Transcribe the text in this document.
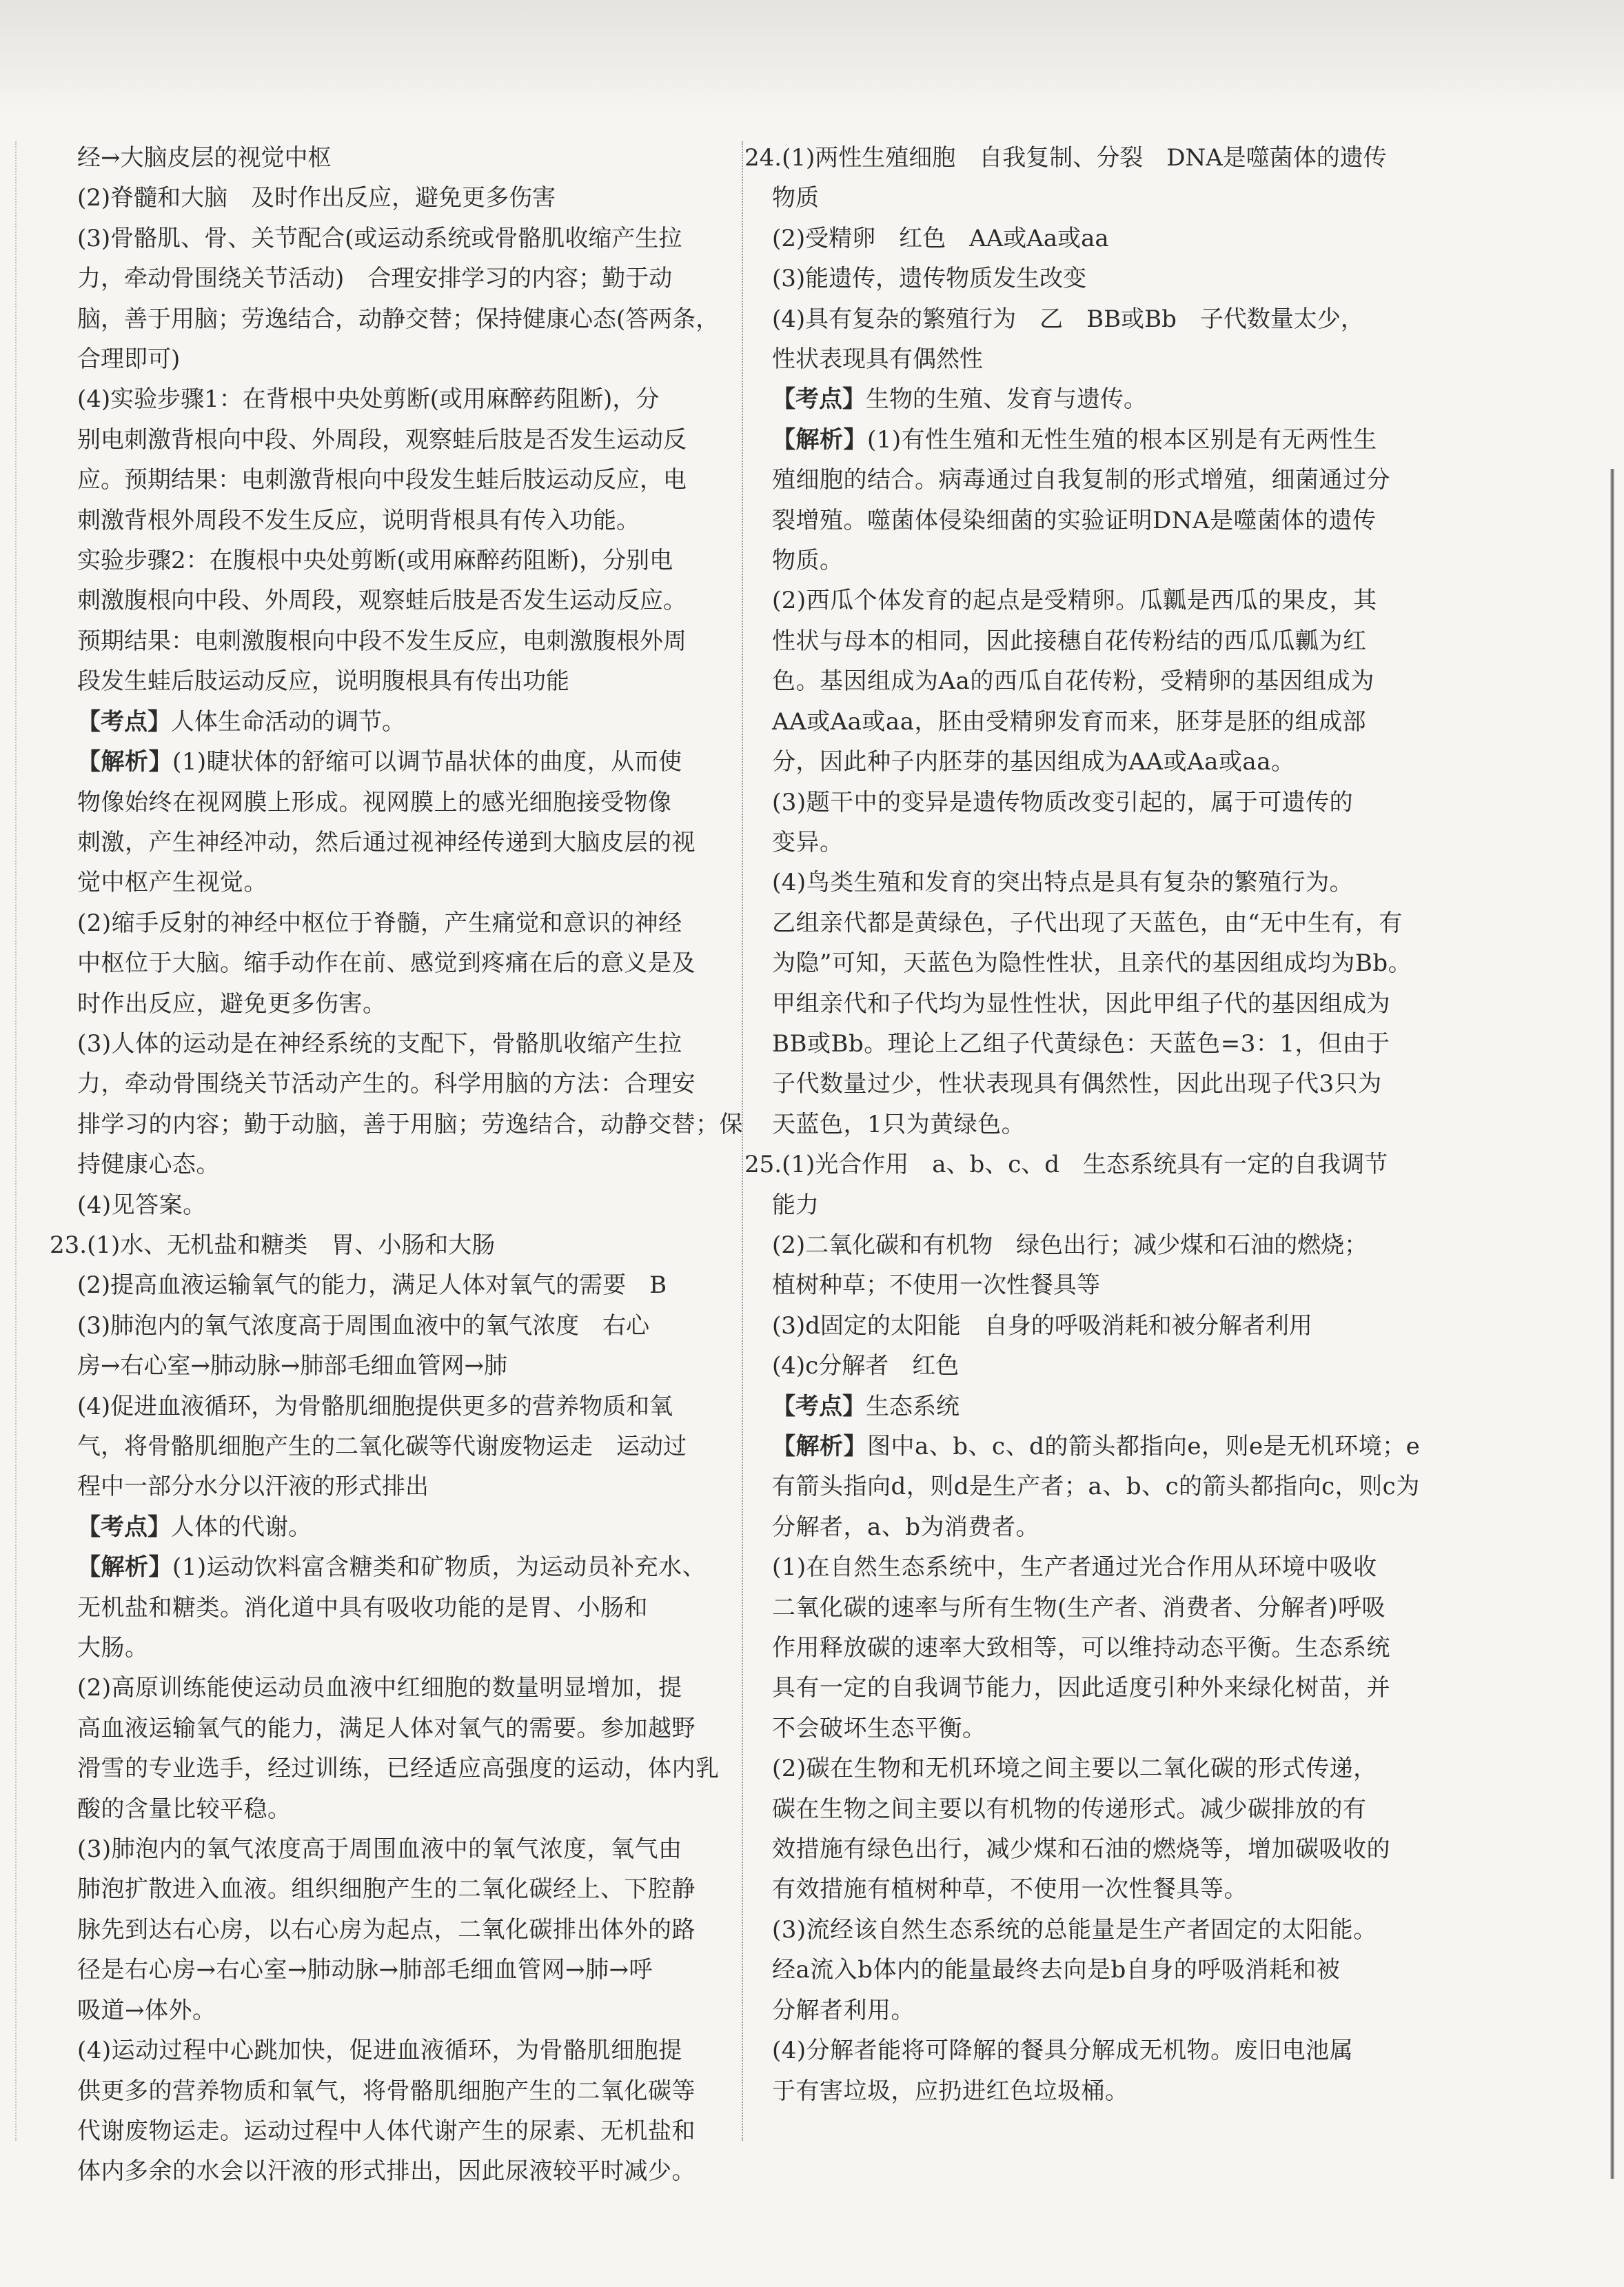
经→大脑皮层的视觉中枢
(2)脊髓和大脑　及时作出反应，避免更多伤害
(3)骨骼肌、骨、关节配合(或运动系统或骨骼肌收缩产生拉
力，牵动骨围绕关节活动)　合理安排学习的内容；勤于动
脑，善于用脑；劳逸结合，动静交替；保持健康心态(答两条，
合理即可)
(4)实验步骤1：在背根中央处剪断(或用麻醉药阻断)，分
别电刺激背根向中段、外周段，观察蛙后肢是否发生运动反
应。预期结果：电刺激背根向中段发生蛙后肢运动反应，电
刺激背根外周段不发生反应，说明背根具有传入功能。
实验步骤2：在腹根中央处剪断(或用麻醉药阻断)，分别电
刺激腹根向中段、外周段，观察蛙后肢是否发生运动反应。
预期结果：电刺激腹根向中段不发生反应，电刺激腹根外周
段发生蛙后肢运动反应，说明腹根具有传出功能
【考点】人体生命活动的调节。
【解析】(1)睫状体的舒缩可以调节晶状体的曲度，从而使
物像始终在视网膜上形成。视网膜上的感光细胞接受物像
刺激，产生神经冲动，然后通过视神经传递到大脑皮层的视
觉中枢产生视觉。
(2)缩手反射的神经中枢位于脊髓，产生痛觉和意识的神经
中枢位于大脑。缩手动作在前、感觉到疼痛在后的意义是及
时作出反应，避免更多伤害。
(3)人体的运动是在神经系统的支配下，骨骼肌收缩产生拉
力，牵动骨围绕关节活动产生的。科学用脑的方法：合理安
排学习的内容；勤于动脑，善于用脑；劳逸结合，动静交替；保
持健康心态。
(4)见答案。
23.(1)水、无机盐和糖类　胃、小肠和大肠
(2)提高血液运输氧气的能力，满足人体对氧气的需要　B
(3)肺泡内的氧气浓度高于周围血液中的氧气浓度　右心
房→右心室→肺动脉→肺部毛细血管网→肺
(4)促进血液循环，为骨骼肌细胞提供更多的营养物质和氧
气，将骨骼肌细胞产生的二氧化碳等代谢废物运走　运动过
程中一部分水分以汗液的形式排出
【考点】人体的代谢。
【解析】(1)运动饮料富含糖类和矿物质，为运动员补充水、
无机盐和糖类。消化道中具有吸收功能的是胃、小肠和
大肠。
(2)高原训练能使运动员血液中红细胞的数量明显增加，提
高血液运输氧气的能力，满足人体对氧气的需要。参加越野
滑雪的专业选手，经过训练，已经适应高强度的运动，体内乳
酸的含量比较平稳。
(3)肺泡内的氧气浓度高于周围血液中的氧气浓度，氧气由
肺泡扩散进入血液。组织细胞产生的二氧化碳经上、下腔静
脉先到达右心房，以右心房为起点，二氧化碳排出体外的路
径是右心房→右心室→肺动脉→肺部毛细血管网→肺→呼
吸道→体外。
(4)运动过程中心跳加快，促进血液循环，为骨骼肌细胞提
供更多的营养物质和氧气，将骨骼肌细胞产生的二氧化碳等
代谢废物运走。运动过程中人体代谢产生的尿素、无机盐和
体内多余的水会以汗液的形式排出，因此尿液较平时减少。
24.(1)两性生殖细胞　自我复制、分裂　DNA是噬菌体的遗传
物质
(2)受精卵　红色　AA或Aa或aa
(3)能遗传，遗传物质发生改变
(4)具有复杂的繁殖行为　乙　BB或Bb　子代数量太少，
性状表现具有偶然性
【考点】生物的生殖、发育与遗传。
【解析】(1)有性生殖和无性生殖的根本区别是有无两性生
殖细胞的结合。病毒通过自我复制的形式增殖，细菌通过分
裂增殖。噬菌体侵染细菌的实验证明DNA是噬菌体的遗传
物质。
(2)西瓜个体发育的起点是受精卵。瓜瓤是西瓜的果皮，其
性状与母本的相同，因此接穗自花传粉结的西瓜瓜瓤为红
色。基因组成为Aa的西瓜自花传粉，受精卵的基因组成为
AA或Aa或aa，胚由受精卵发育而来，胚芽是胚的组成部
分，因此种子内胚芽的基因组成为AA或Aa或aa。
(3)题干中的变异是遗传物质改变引起的，属于可遗传的
变异。
(4)鸟类生殖和发育的突出特点是具有复杂的繁殖行为。
乙组亲代都是黄绿色，子代出现了天蓝色，由“无中生有，有
为隐”可知，天蓝色为隐性性状，且亲代的基因组成均为Bb。
甲组亲代和子代均为显性性状，因此甲组子代的基因组成为
BB或Bb。理论上乙组子代黄绿色：天蓝色=3：1，但由于
子代数量过少，性状表现具有偶然性，因此出现子代3只为
天蓝色，1只为黄绿色。
25.(1)光合作用　a、b、c、d　生态系统具有一定的自我调节
能力
(2)二氧化碳和有机物　绿色出行；减少煤和石油的燃烧；
植树种草；不使用一次性餐具等
(3)d固定的太阳能　自身的呼吸消耗和被分解者利用
(4)c分解者　红色
【考点】生态系统
【解析】图中a、b、c、d的箭头都指向e，则e是无机环境；e
有箭头指向d，则d是生产者；a、b、c的箭头都指向c，则c为
分解者，a、b为消费者。
(1)在自然生态系统中，生产者通过光合作用从环境中吸收
二氧化碳的速率与所有生物(生产者、消费者、分解者)呼吸
作用释放碳的速率大致相等，可以维持动态平衡。生态系统
具有一定的自我调节能力，因此适度引种外来绿化树苗，并
不会破坏生态平衡。
(2)碳在生物和无机环境之间主要以二氧化碳的形式传递，
碳在生物之间主要以有机物的传递形式。减少碳排放的有
效措施有绿色出行，减少煤和石油的燃烧等，增加碳吸收的
有效措施有植树种草，不使用一次性餐具等。
(3)流经该自然生态系统的总能量是生产者固定的太阳能。
经a流入b体内的能量最终去向是b自身的呼吸消耗和被
分解者利用。
(4)分解者能将可降解的餐具分解成无机物。废旧电池属
于有害垃圾，应扔进红色垃圾桶。
